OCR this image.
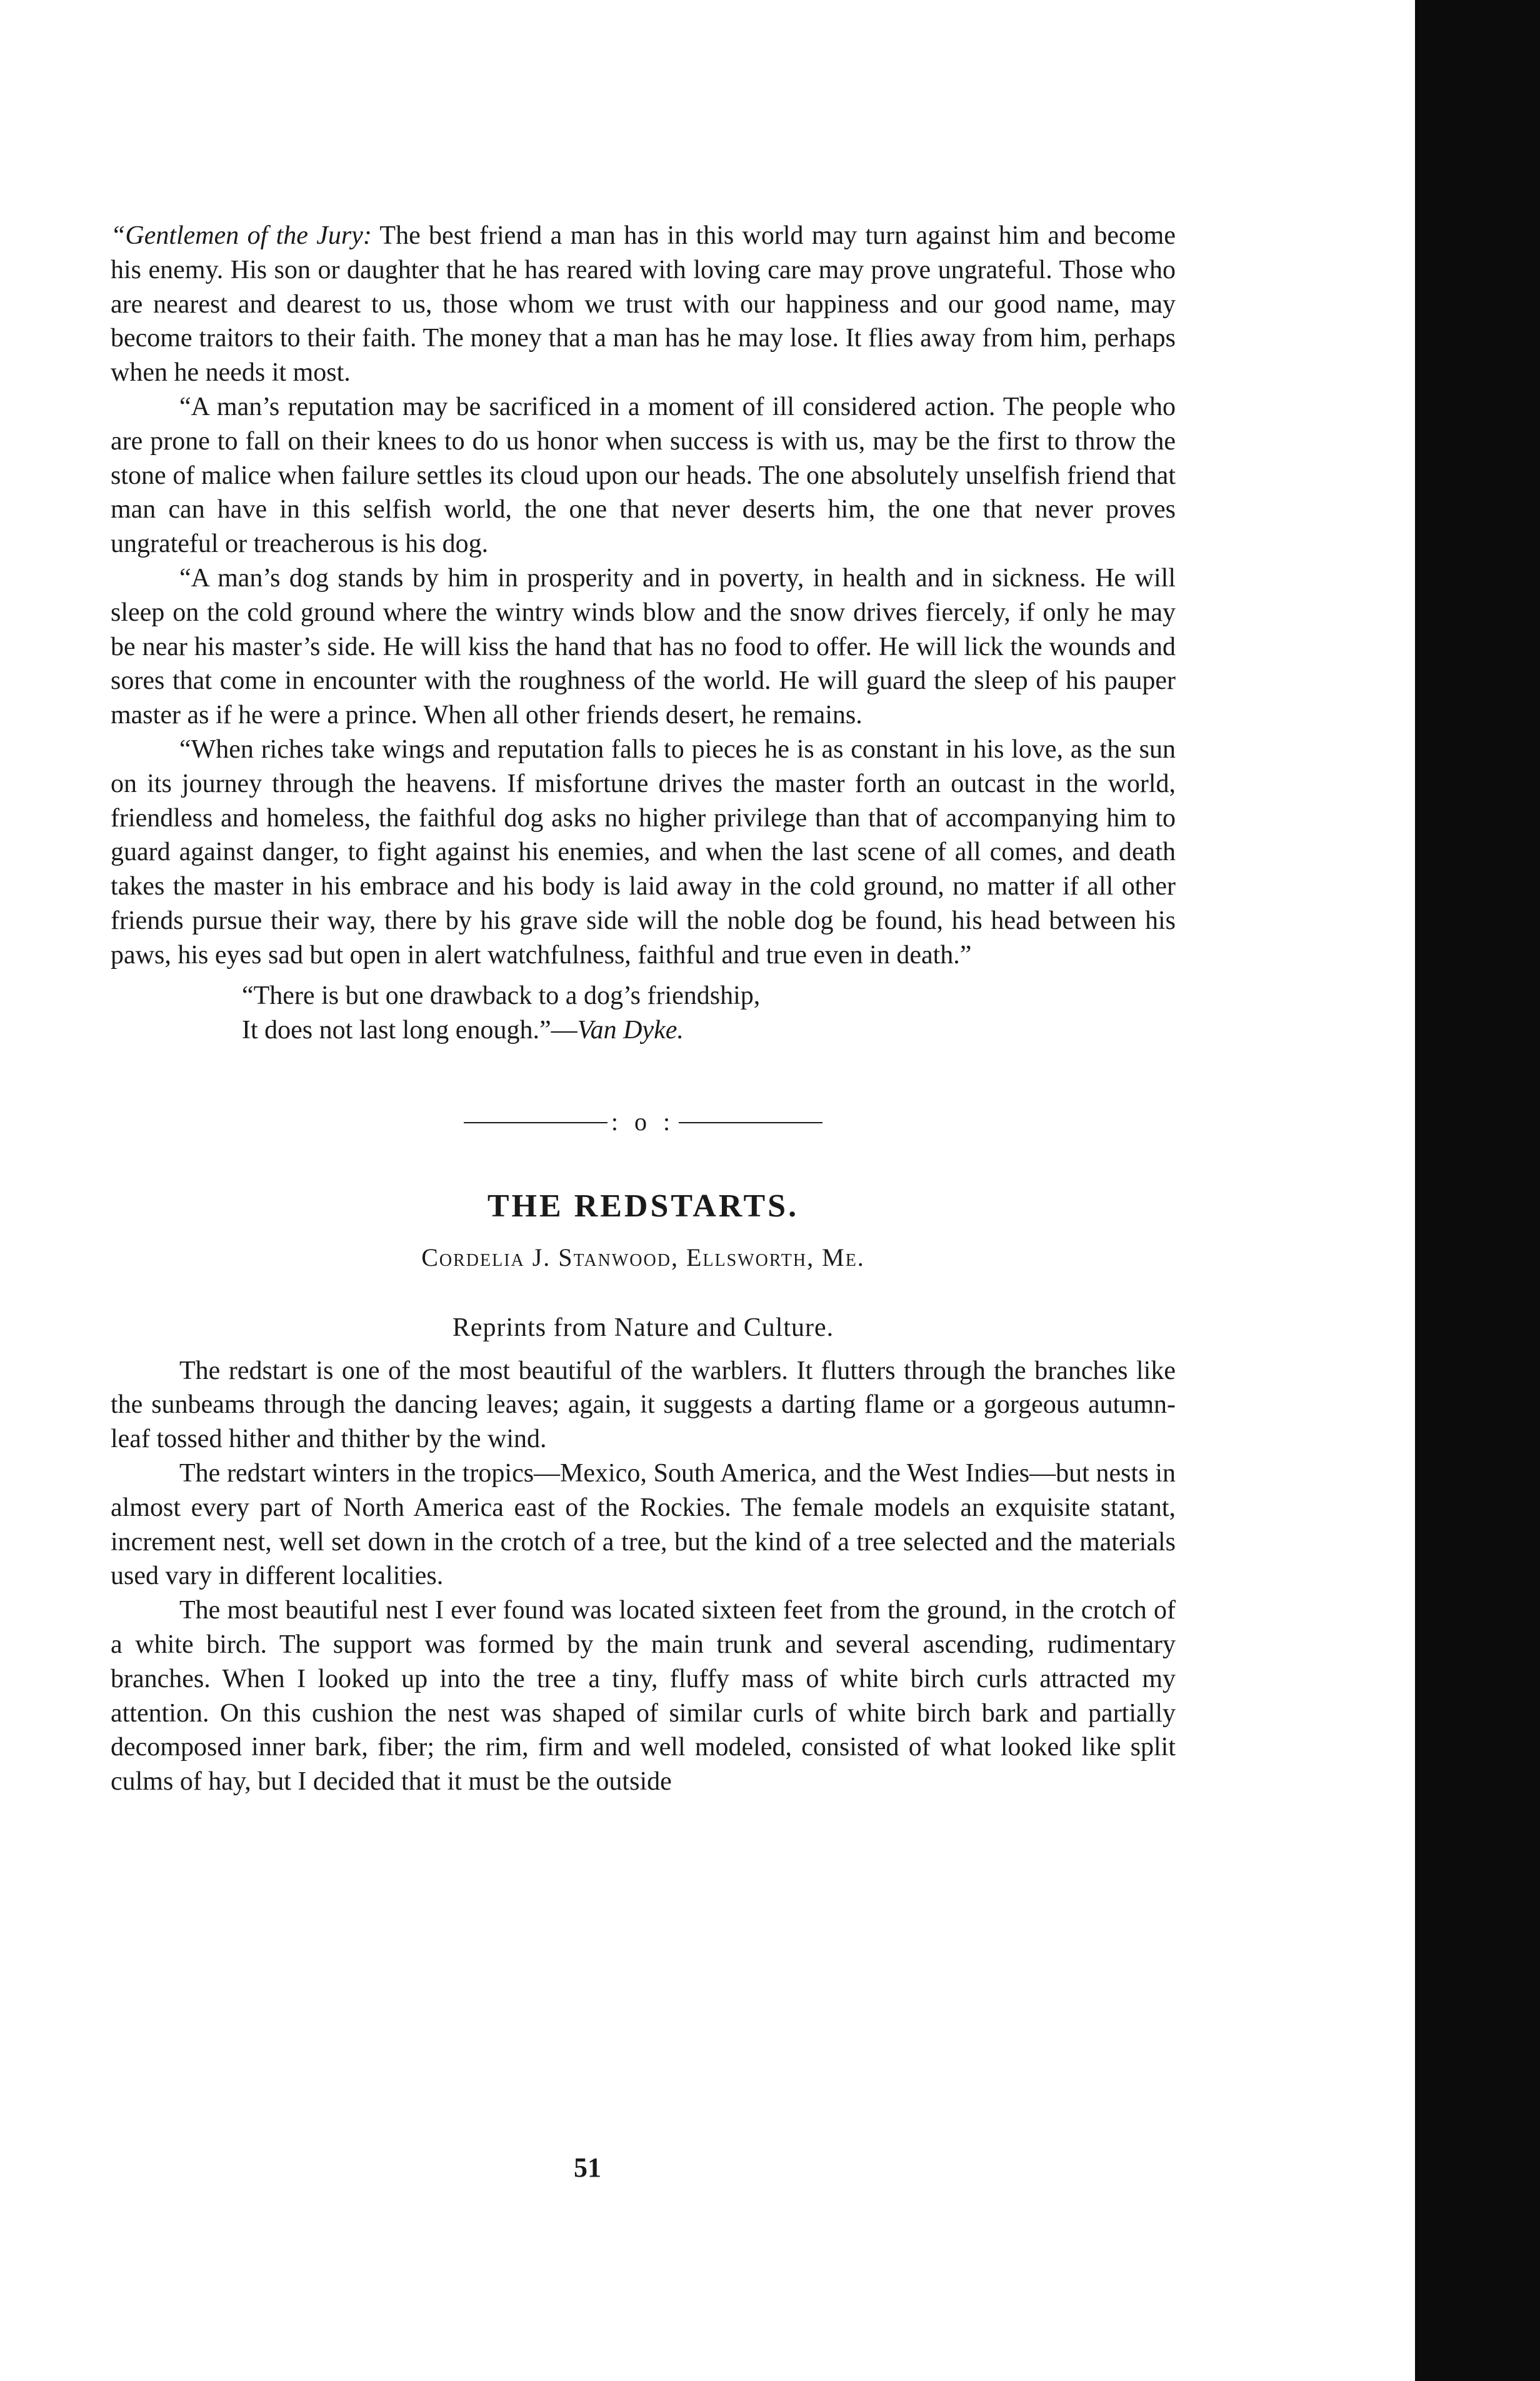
“Gentlemen of the Jury: The best friend a man has in this world may turn against him and become his enemy. His son or daughter that he has reared with loving care may prove ungrateful. Those who are nearest and dearest to us, those whom we trust with our happiness and our good name, may become traitors to their faith. The money that a man has he may lose. It flies away from him, perhaps when he needs it most.

“A man’s reputation may be sacrificed in a moment of ill considered action. The people who are prone to fall on their knees to do us honor when success is with us, may be the first to throw the stone of malice when failure settles its cloud upon our heads. The one absolutely unselfish friend that man can have in this selfish world, the one that never deserts him, the one that never proves ungrateful or treacherous is his dog.

“A man’s dog stands by him in prosperity and in poverty, in health and in sickness. He will sleep on the cold ground where the wintry winds blow and the snow drives fiercely, if only he may be near his master’s side. He will kiss the hand that has no food to offer. He will lick the wounds and sores that come in encounter with the roughness of the world. He will guard the sleep of his pauper master as if he were a prince. When all other friends desert, he remains.

“When riches take wings and reputation falls to pieces he is as constant in his love, as the sun on its journey through the heavens. If misfortune drives the master forth an outcast in the world, friendless and homeless, the faithful dog asks no higher privilege than that of accompanying him to guard against danger, to fight against his enemies, and when the last scene of all comes, and death takes the master in his embrace and his body is laid away in the cold ground, no matter if all other friends pursue their way, there by his grave side will the noble dog be found, his head between his paws, his eyes sad but open in alert watchfulness, faithful and true even in death.”

“There is but one drawback to a dog’s friendship,
It does not last long enough.”—Van Dyke.
: o :
THE REDSTARTS.
Cordelia J. Stanwood, Ellsworth, Me.
Reprints from Nature and Culture.

The redstart is one of the most beautiful of the warblers. It flutters through the branches like the sunbeams through the dancing leaves; again, it suggests a darting flame or a gorgeous autumn-leaf tossed hither and thither by the wind.

The redstart winters in the tropics—Mexico, South America, and the West Indies—but nests in almost every part of North America east of the Rockies. The female models an exquisite statant, increment nest, well set down in the crotch of a tree, but the kind of a tree selected and the materials used vary in different localities.

The most beautiful nest I ever found was located sixteen feet from the ground, in the crotch of a white birch. The support was formed by the main trunk and several ascending, rudimentary branches. When I looked up into the tree a tiny, fluffy mass of white birch curls attracted my attention. On this cushion the nest was shaped of similar curls of white birch bark and partially decomposed inner bark, fiber; the rim, firm and well modeled, consisted of what looked like split culms of hay, but I decided that it must be the outside

51
